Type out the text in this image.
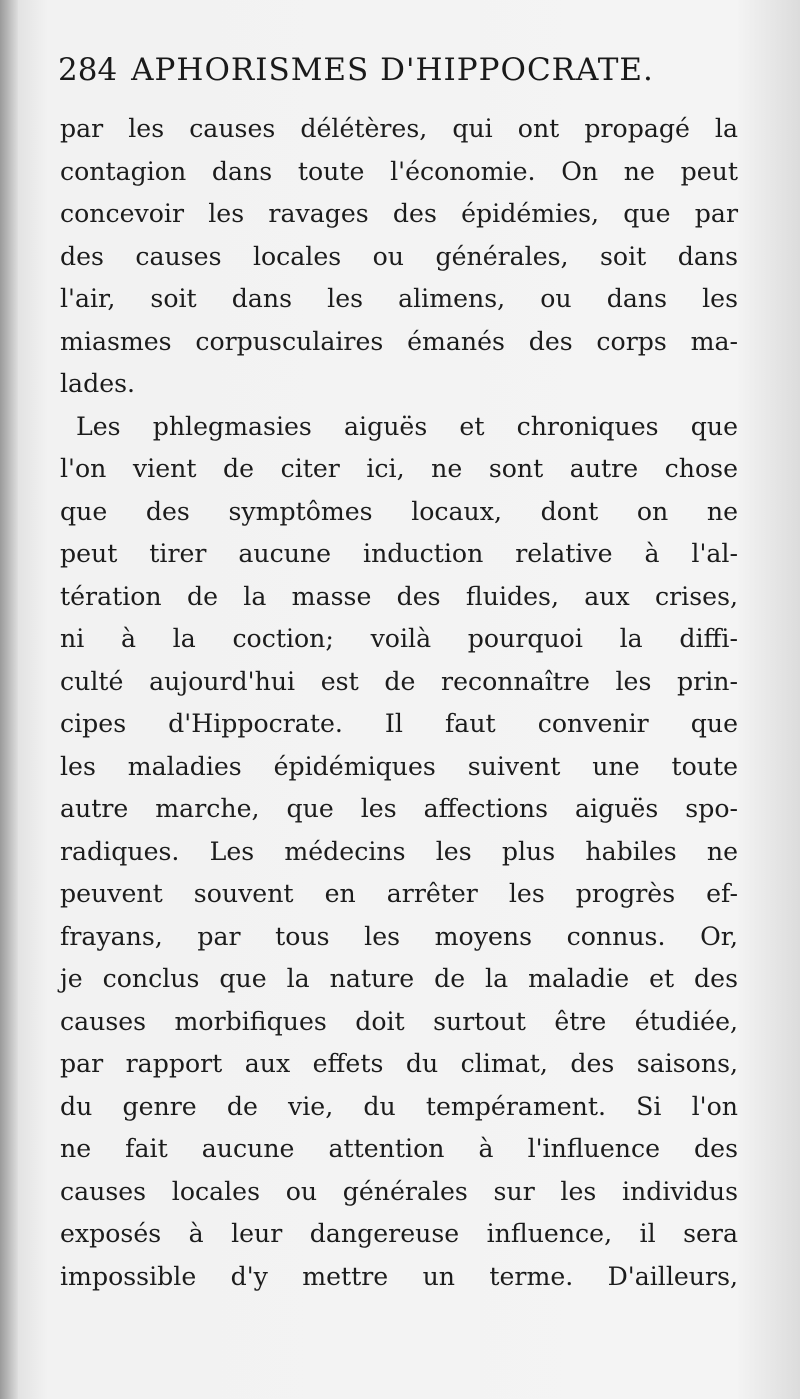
284 APHORISMES D'HIPPOCRATE.
par les causes délétères, qui ont propagé la
contagion dans toute l'économie. On ne peut
concevoir les ravages des épidémies, que par
des causes locales ou générales, soit dans
l'air, soit dans les alimens, ou dans les
miasmes corpusculaires émanés des corps ma-
lades.
Les phlegmasies aiguës et chroniques que
l'on vient de citer ici, ne sont autre chose
que des symptômes locaux, dont on ne
peut tirer aucune induction relative à l'al-
tération de la masse des fluides, aux crises,
ni à la coction; voilà pourquoi la diffi-
culté aujourd'hui est de reconnaître les prin-
cipes d'Hippocrate. Il faut convenir que
les maladies épidémiques suivent une toute
autre marche, que les affections aiguës spo-
radiques. Les médecins les plus habiles ne
peuvent souvent en arrêter les progrès ef-
frayans, par tous les moyens connus. Or,
je conclus que la nature de la maladie et des
causes morbifiques doit surtout être étudiée,
par rapport aux effets du climat, des saisons,
du genre de vie, du tempérament. Si l'on
ne fait aucune attention à l'influence des
causes locales ou générales sur les individus
exposés à leur dangereuse influence, il sera
impossible d'y mettre un terme. D'ailleurs,
